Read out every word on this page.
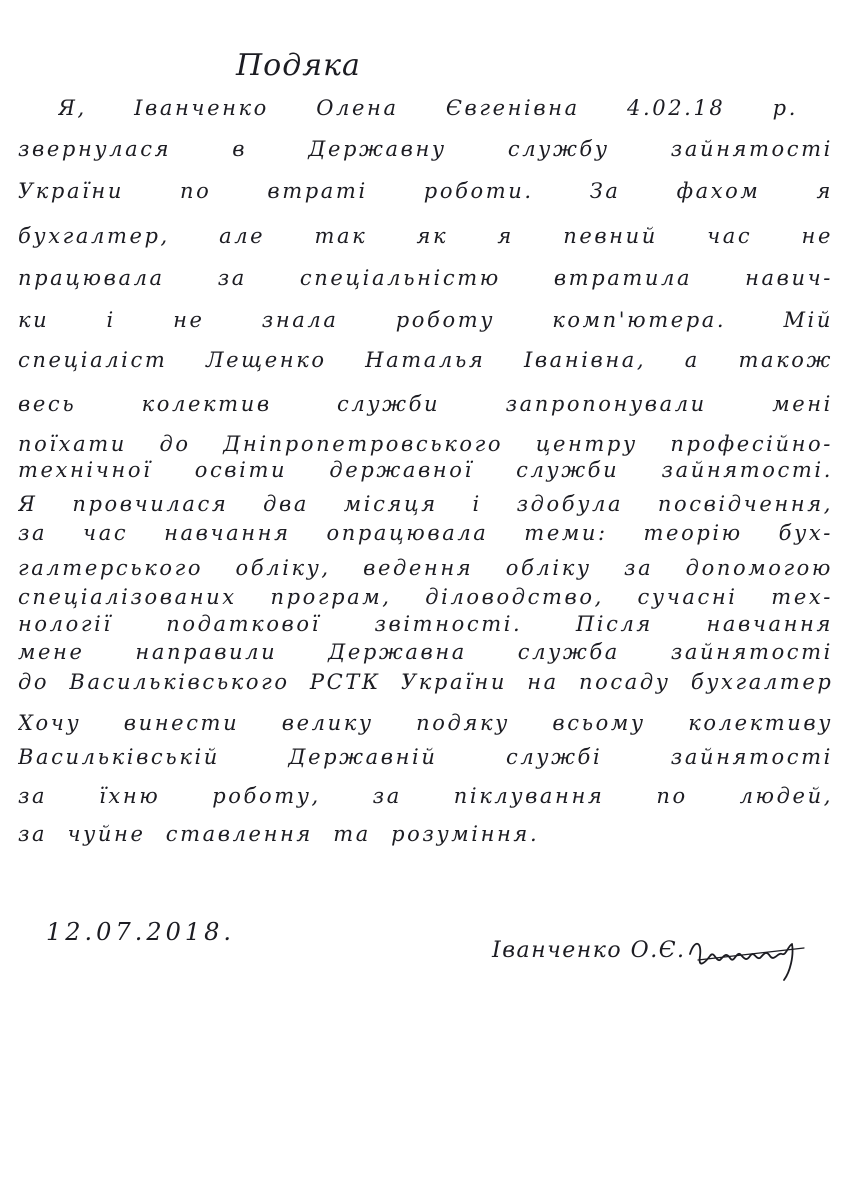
Подяка
Я, Іванченко Олена Євгенівна 4.02.18 р.
звернулася в Державну службу зайнятості
України по втраті роботи. За фахом я
бухгалтер, але так як я певний час не
працювала за спеціальністю втратила навич-
ки і не знала роботу комп'ютера. Мій
спеціаліст Лещенко Наталья Іванівна, а також
весь колектив служби запропонували мені
поїхати до Дніпропетровського центру професійно-
технічної освіти державної служби зайнятості.
Я провчилася два місяця і здобула посвідчення,
за час навчання опрацювала теми: теорію бух-
галтерського обліку, ведення обліку за допомогою
спеціалізованих програм, діловодство, сучасні тех-
нології податкової звітності. Після навчання
мене направили Державна служба зайнятості
до Васильківського РСТК України на посаду бухгалтер
Хочу винести велику подяку всьому колективу
Васильківській Державній службі зайнятості
за їхню роботу, за піклування по людей,
за чуйне ставлення та розуміння.
12.07.2018.
Іванченко О.Є.
